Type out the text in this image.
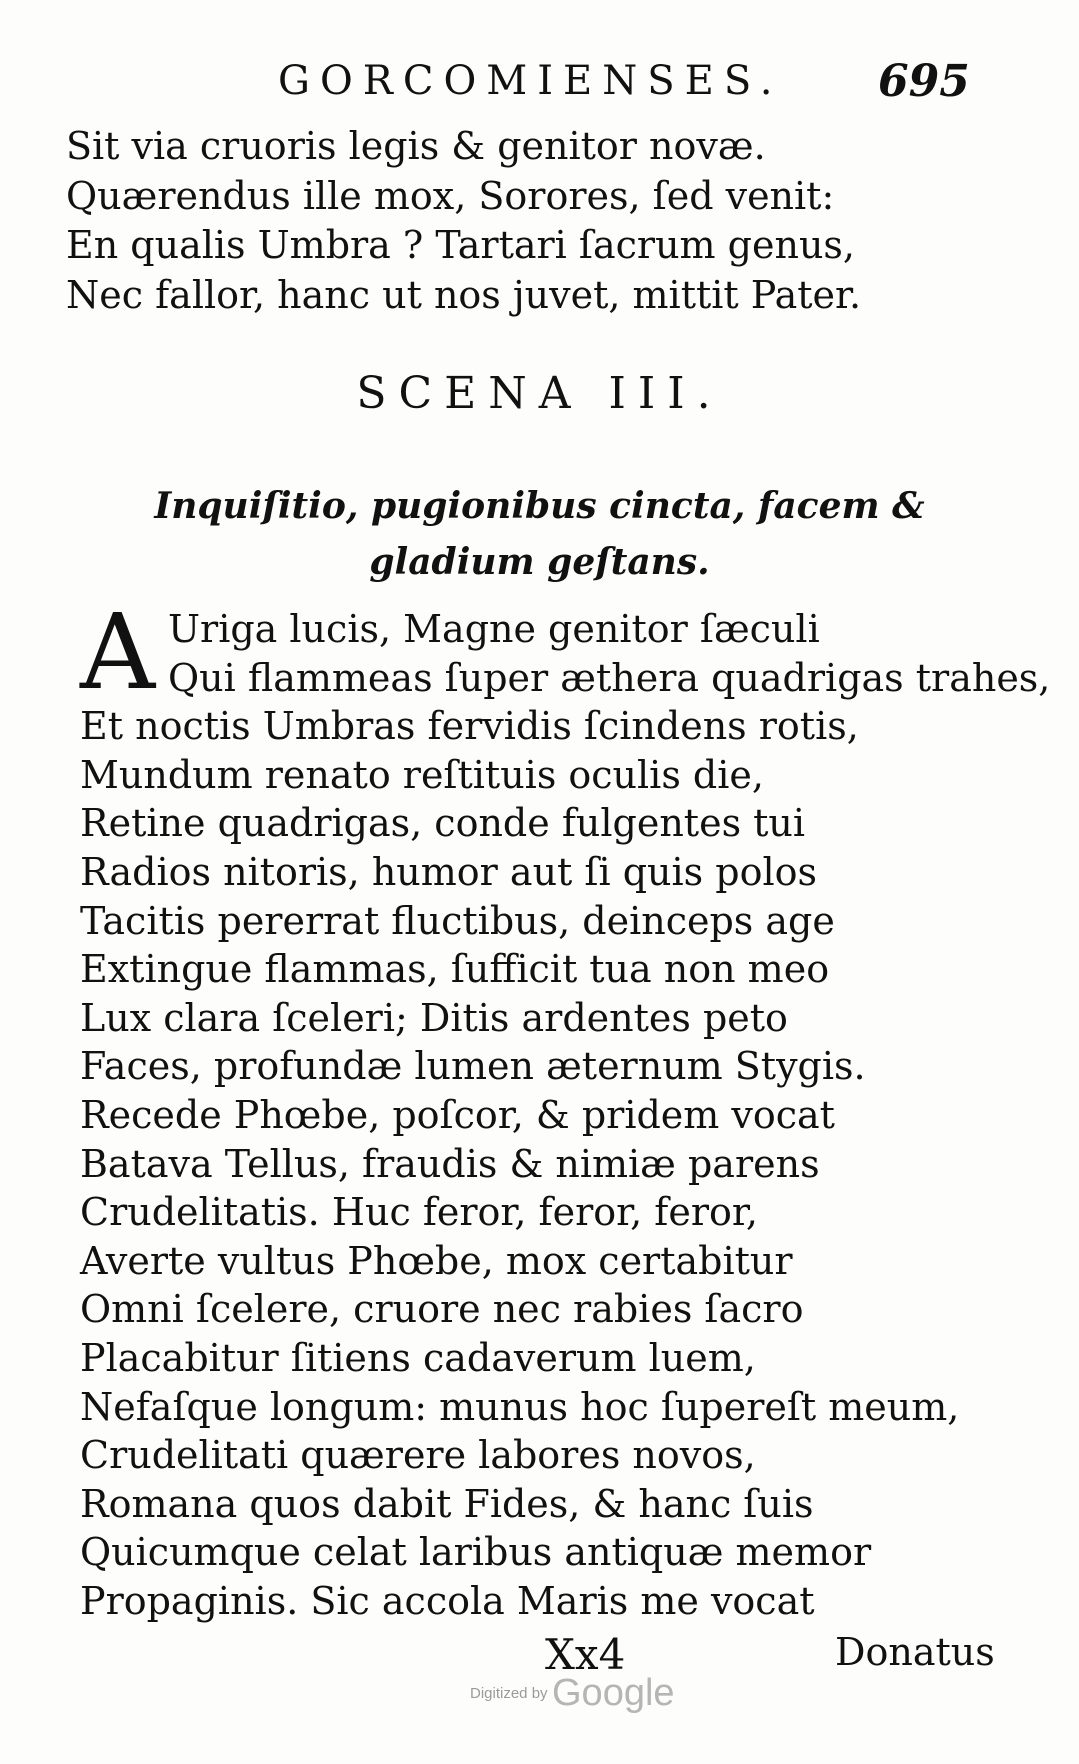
GORCOMIENSES. 695
Sit via cruoris legis & genitor novæ.
Quærendus ille mox, Sorores, ſed venit:
En qualis Umbra ? Tartari ſacrum genus,
Nec fallor, hanc ut nos juvet, mittit Pater.
SCENA III.
Inquiſitio, pugionibus cincta, facem &
gladium geſtans.
A Uriga lucis, Magne genitor ſæculi
Qui flammeas ſuper æthera quadrigas trahes,
Et noctis Umbras fervidis ſcindens rotis,
Mundum renato reſtituis oculis die,
Retine quadrigas, conde fulgentes tui
Radios nitoris, humor aut ſi quis polos
Tacitis pererrat fluctibus, deinceps age
Extingue flammas, ſufficit tua non meo
Lux clara ſceleri; Ditis ardentes peto
Faces, profundæ lumen æternum Stygis.
Recede Phœbe, poſcor, & pridem vocat
Batava Tellus, fraudis & nimiæ parens
Crudelitatis. Huc feror, feror, feror,
Averte vultus Phœbe, mox certabitur
Omni ſcelere, cruore nec rabies ſacro
Placabitur ſitiens cadaverum luem,
Nefaſque longum: munus hoc ſupereſt meum,
Crudelitati quærere labores novos,
Romana quos dabit Fides, & hanc ſuis
Quicumque celat laribus antiquæ memor
Propaginis. Sic accola Maris me vocat
Xx4	Donatus
Digitized by Google
